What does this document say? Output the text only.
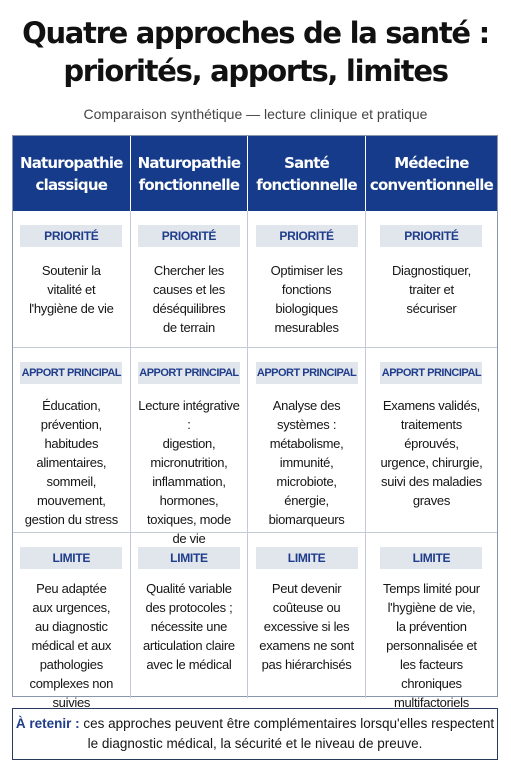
Quatre approches de la santé :
priorités, apports, limites
Comparaison synthétique — lecture clinique et pratique
Naturopathie
classique
Naturopathie
fonctionnelle
Santé
fonctionnelle
Médecine
conventionnelle
PRIORITÉ
Soutenir la
vitalité et
l'hygiène de vie
PRIORITÉ
Chercher les
causes et les
déséquilibres
de terrain
PRIORITÉ
Optimiser les
fonctions
biologiques
mesurables
PRIORITÉ
Diagnostiquer,
traiter et
sécuriser
APPORT PRINCIPAL
Éducation,
prévention,
habitudes
alimentaires,
sommeil,
mouvement,
gestion du stress
APPORT PRINCIPAL
Lecture intégrative :
digestion,
micronutrition,
inflammation,
hormones,
toxiques, mode
de vie
APPORT PRINCIPAL
Analyse des
systèmes :
métabolisme,
immunité,
microbiote,
énergie,
biomarqueurs
APPORT PRINCIPAL
Examens validés,
traitements
éprouvés,
urgence, chirurgie,
suivi des maladies
graves
LIMITE
Peu adaptée
aux urgences,
au diagnostic
médical et aux
pathologies
complexes non
suivies
LIMITE
Qualité variable
des protocoles ;
nécessite une
articulation claire
avec le médical
LIMITE
Peut devenir
coûteuse ou
excessive si les
examens ne sont
pas hiérarchisés
LIMITE
Temps limité pour
l'hygiène de vie,
la prévention
personnalisée et
les facteurs
chroniques
multifactoriels
À retenir : ces approches peuvent être complémentaires lorsqu'elles respectent le diagnostic médical, la sécurité et le niveau de preuve.
